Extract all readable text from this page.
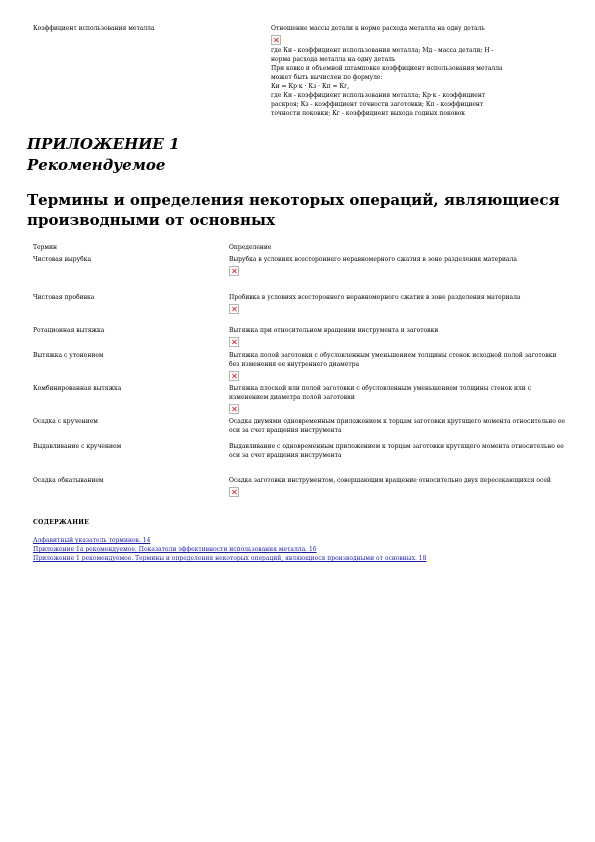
Коэффициент использования металла	Отношение массы детали к норме расхода металла на одну деталь

где Ки - коэффициент использования металла; Мд - масса детали; Н -

норма расхода металла на одну деталь

При ковке и объемной штамповке коэффициент использования металла

может быть вычислен по формуле:

Ки = Кр·к · Кз · Кп = Кг,

где Ки - коэффициент использования металла; Кр·к - коэффициент

раскроя; Кз - коэффициент точности заготовки; Кп - коэффициент

точности поковки; Кг - коэффициент выхода годных поковок

ПРИЛОЖЕНИЕ 1
Рекомендуемое
Термины и определения некоторых операций, являющиеся производными от основных
Термин	Определение
Чистовая вырубка	Вырубка в условиях всестороннего неравномерного сжатия в зоне разделения материала

Чистовая пробивка	Пробивка в условиях всестороннего неравномерного сжатия в зоне разделения материала

Ротационная вытяжка	Вытяжка при относительном вращении инструмента и заготовки

Вытяжка с утонением	Вытяжка полой заготовки с обусловленным уменьшением толщины стенок исходной полой заготовки без изменения ее внутреннего диаметра

Комбинированная вытяжка	Вытяжка плоской или полой заготовки с обусловленным уменьшением толщины стенок или с изменением диаметра полой заготовки

Осадка с кручением	Осадка двумями одновременным приложением к торцам заготовки крутящего момента относительно ее оси за счет вращения инструмента

Выдавливание с кручением	Выдавливание с одновременным приложением к торцам заготовки крутящего момента относительно ее оси за счет вращения инструмента

Осадка обкатыванием	Осадка заготовки инструментом, совершающим вращение относительно двух пересекающихся осей

СОДЕРЖАНИЕ
Алфавитный указатель терминов. 14
Приложение 1а рекомендуемое. Показатели эффективности использования металла. 16
Приложение 1 рекомендуемое. Термины и определения некоторых операций, являющиеся производными от основных. 18
